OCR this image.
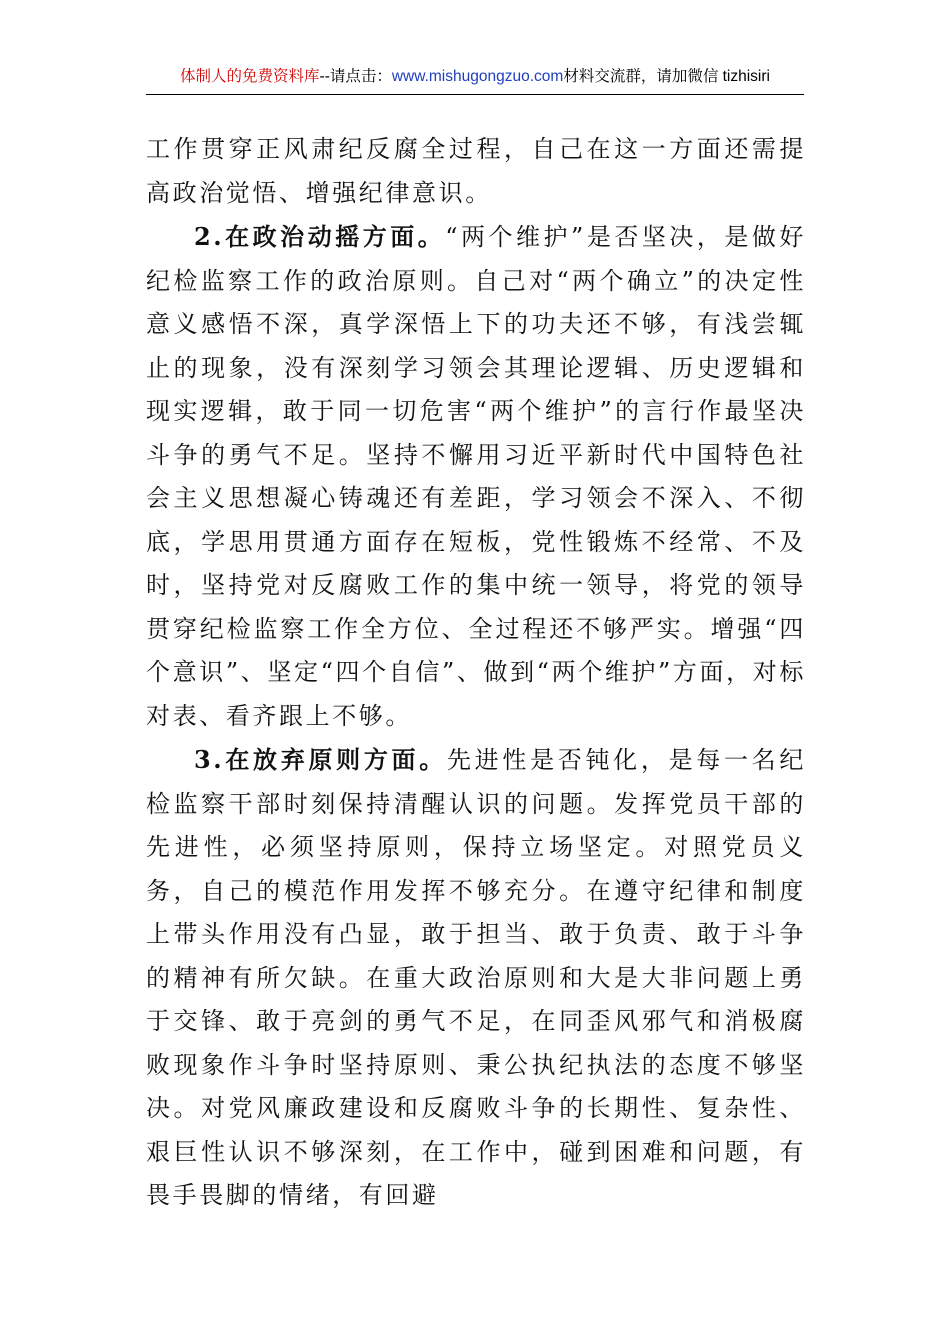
体制人的免费资料库--请点击：www.mishugongzuo.com材料交流群，请加微信 tizhisiri

工作贯穿正风肃纪反腐全过程，自己在这一方面还需提高政治觉悟、增强纪律意识。

2.在政治动摇方面。“两个维护”是否坚决，是做好纪检监察工作的政治原则。自己对“两个确立”的决定性意义感悟不深，真学深悟上下的功夫还不够，有浅尝辄止的现象，没有深刻学习领会其理论逻辑、历史逻辑和现实逻辑，敢于同一切危害“两个维护”的言行作最坚决斗争的勇气不足。坚持不懈用习近平新时代中国特色社会主义思想凝心铸魂还有差距，学习领会不深入、不彻底，学思用贯通方面存在短板，党性锻炼不经常、不及时，坚持党对反腐败工作的集中统一领导，将党的领导贯穿纪检监察工作全方位、全过程还不够严实。增强“四个意识”、坚定“四个自信”、做到“两个维护”方面，对标对表、看齐跟上不够。

3.在放弃原则方面。先进性是否钝化，是每一名纪检监察干部时刻保持清醒认识的问题。发挥党员干部的先进性，必须坚持原则，保持立场坚定。对照党员义务，自己的模范作用发挥不够充分。在遵守纪律和制度上带头作用没有凸显，敢于担当、敢于负责、敢于斗争的精神有所欠缺。在重大政治原则和大是大非问题上勇于交锋、敢于亮剑的勇气不足，在同歪风邪气和消极腐败现象作斗争时坚持原则、秉公执纪执法的态度不够坚决。对党风廉政建设和反腐败斗争的长期性、复杂性、艰巨性认识不够深刻，在工作中，碰到困难和问题，有畏手畏脚的情绪，有回避
